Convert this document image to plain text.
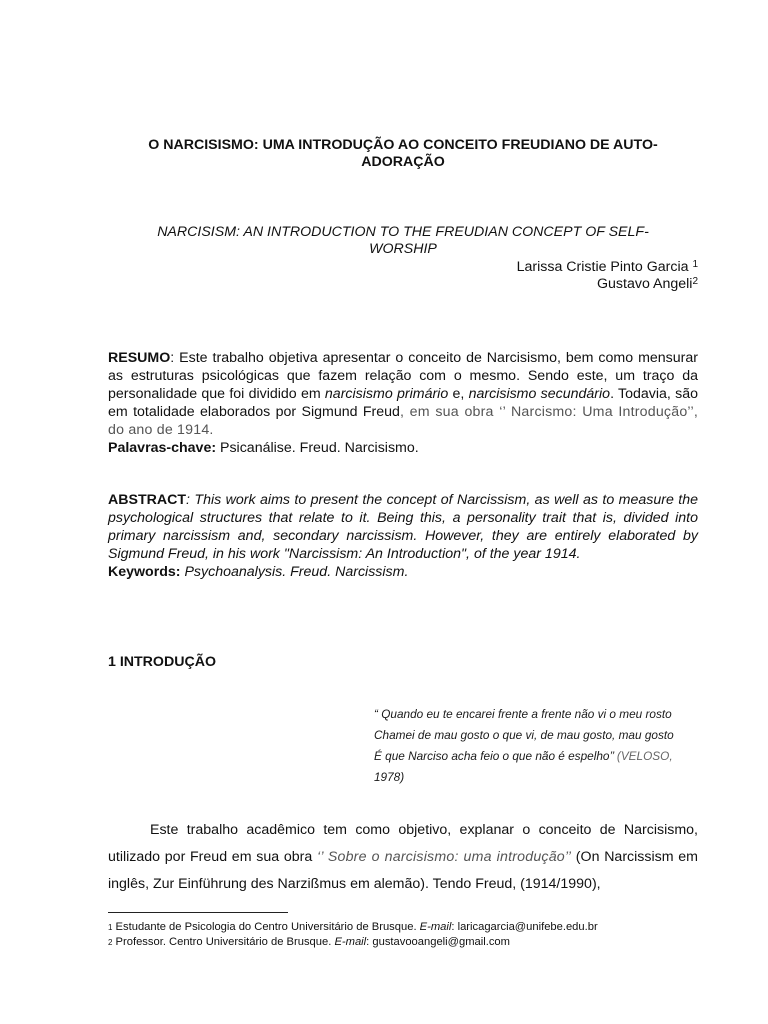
O NARCISISMO: UMA INTRODUÇÃO AO CONCEITO FREUDIANO DE AUTO-
ADORAÇÃO
NARCISISM: AN INTRODUCTION TO THE FREUDIAN CONCEPT OF SELF-
WORSHIP
Larissa Cristie Pinto Garcia $^1$
Gustavo Angeli$^2$
RESUMO: Este trabalho objetiva apresentar o conceito de Narcisismo, bem como mensurar as estruturas psicológicas que fazem relação com o mesmo. Sendo este, um traço da personalidade que foi dividido em narcisismo primário e, narcisismo secundário. Todavia, são em totalidade elaborados por Sigmund Freud, em sua obra ‘’ Narcismo: Uma Introdução’’, do ano de 1914.
Palavras-chave: Psicanálise. Freud. Narcisismo.
ABSTRACT: This work aims to present the concept of Narcissism, as well as to measure the psychological structures that relate to it. Being this, a personality trait that is, divided into primary narcissism and, secondary narcissism. However, they are entirely elaborated by Sigmund Freud, in his work "Narcissism: An Introduction", of the year 1914.
Keywords: Psychoanalysis. Freud. Narcissism.
1 INTRODUÇÃO
“ Quando eu te encarei frente a frente não vi o meu rosto
Chamei de mau gosto o que vi, de mau gosto, mau gosto
É que Narciso acha feio o que não é espelho’’ (VELOSO,
1978)
Este trabalho acadêmico tem como objetivo, explanar o conceito de Narcisismo, utilizado por Freud em sua obra ‘’ Sobre o narcisismo: uma introdução’’ (On Narcissism em inglês, Zur Einführung des Narzißmus em alemão). Tendo Freud, (1914/1990),
$^1$ Estudante de Psicologia do Centro Universitário de Brusque. E-mail: laricagarcia@unifebe.edu.br
$^2$ Professor. Centro Universitário de Brusque. E-mail: gustavooangeli@gmail.com
